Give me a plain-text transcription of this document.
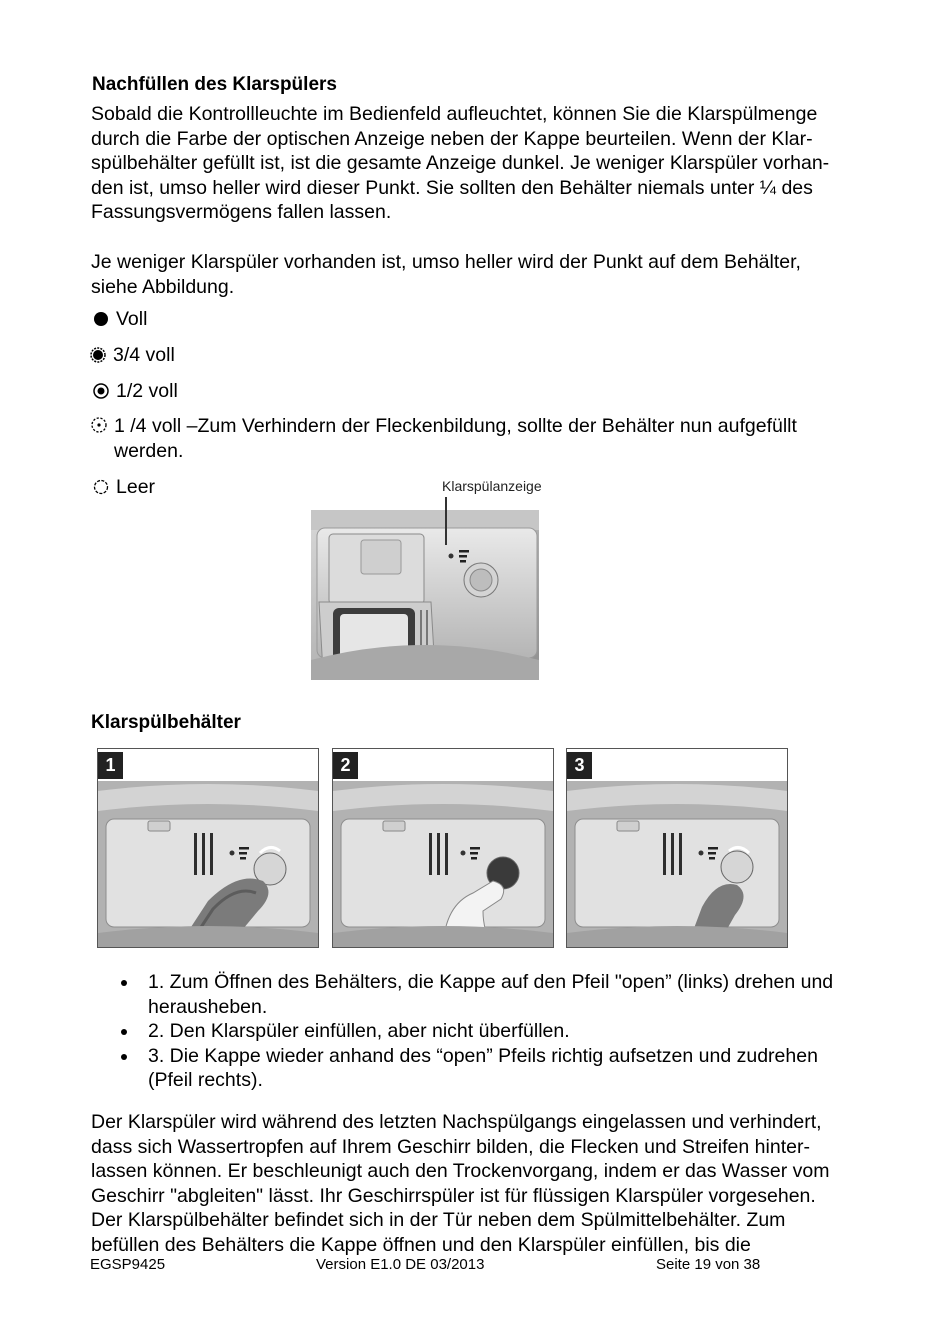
Nachfüllen des Klarspülers
Sobald die Kontrollleuchte im Bedienfeld aufleuchtet, können Sie die Klarspülmenge
durch die Farbe der optischen Anzeige neben der Kappe beurteilen. Wenn der Klar-
spülbehälter gefüllt ist, ist die gesamte Anzeige dunkel. Je weniger Klarspüler vorhan-
den ist, umso heller wird dieser Punkt. Sie sollten den Behälter niemals unter ¼ des
Fassungsvermögens fallen lassen.
Je weniger Klarspüler vorhanden ist, umso heller wird der Punkt auf dem Behälter,
siehe Abbildung.
Voll
3/4 voll
1/2 voll
1 /4 voll –Zum Verhindern der Fleckenbildung, sollte der Behälter nun aufgefüllt
werden.
Leer	Klarspülanzeige
Klarspülbehälter
1	2	3
1. Zum Öffnen des Behälters, die Kappe auf den Pfeil "open” (links) drehen und
herausheben.
2. Den Klarspüler einfüllen, aber nicht überfüllen.
3. Die Kappe wieder anhand des “open” Pfeils richtig aufsetzen und zudrehen
(Pfeil rechts).
Der Klarspüler wird während des letzten Nachspülgangs eingelassen und verhindert,
dass sich Wassertropfen auf Ihrem Geschirr bilden, die Flecken und Streifen hinter-
lassen können. Er beschleunigt auch den Trockenvorgang, indem er das Wasser vom
Geschirr "abgleiten" lässt. Ihr Geschirrspüler ist für flüssigen Klarspüler vorgesehen.
Der Klarspülbehälter befindet sich in der Tür neben dem Spülmittelbehälter. Zum
befüllen des Behälters die Kappe öffnen und den Klarspüler einfüllen, bis die
EGSP9425	Version E1.0 DE 03/2013	Seite 19 von 38
